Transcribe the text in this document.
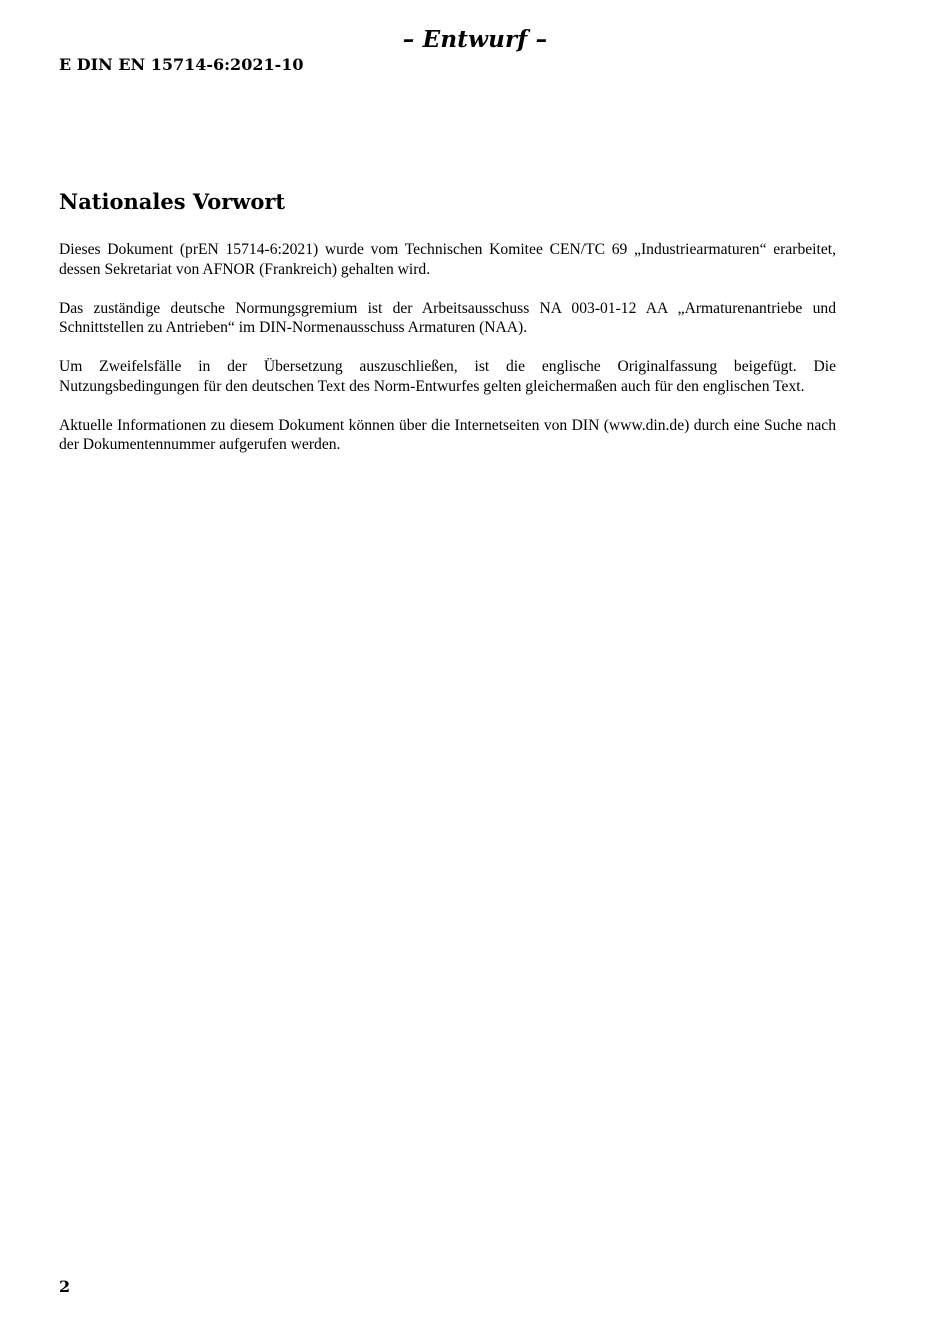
– Entwurf –
E DIN EN 15714-6:2021-10
Nationales Vorwort

Dieses Dokument (prEN 15714-6:2021) wurde vom Technischen Komitee CEN/TC 69 „Industriearmaturen“ erarbeitet, dessen Sekretariat von AFNOR (Frankreich) gehalten wird.

Das zuständige deutsche Normungsgremium ist der Arbeitsausschuss NA 003-01-12 AA „Armaturenantriebe und Schnittstellen zu Antrieben“ im DIN-Normenausschuss Armaturen (NAA).

Um Zweifelsfälle in der Übersetzung auszuschließen, ist die englische Originalfassung beigefügt. Die Nutzungsbedingungen für den deutschen Text des Norm-Entwurfes gelten gleichermaßen auch für den englischen Text.

Aktuelle Informationen zu diesem Dokument können über die Internetseiten von DIN (www.din.de) durch eine Suche nach der Dokumentennummer aufgerufen werden.

2
